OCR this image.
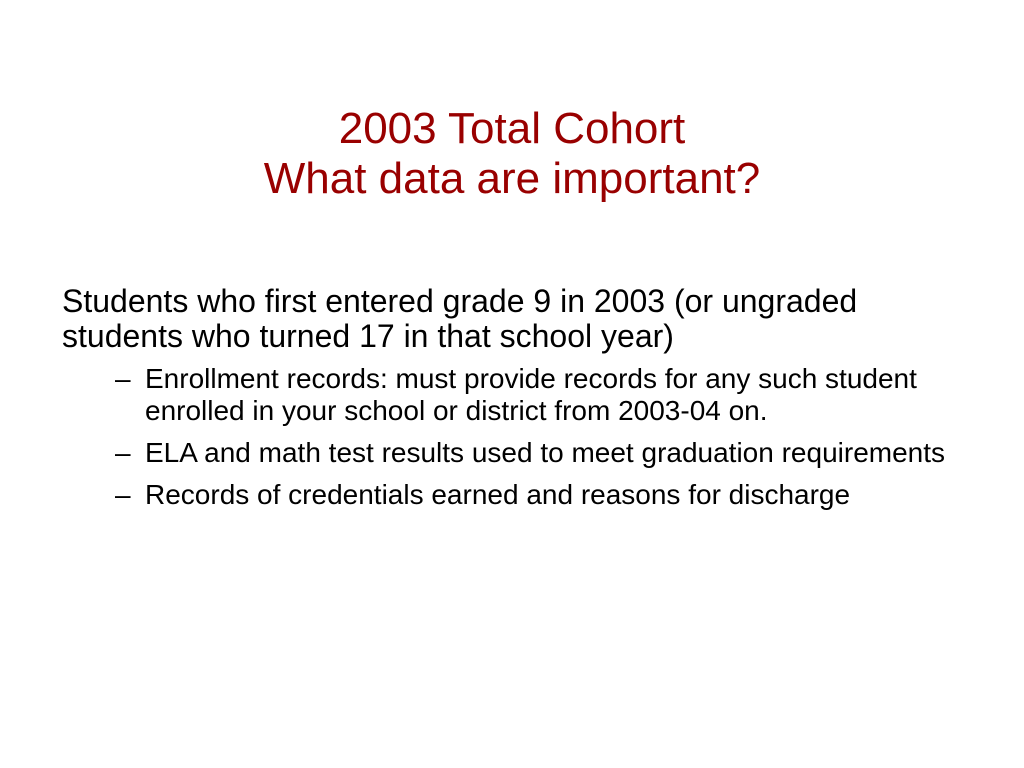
2003 Total Cohort
What data are important?

Students who first entered grade 9 in 2003 (or ungraded students who turned 17 in that school year)

– Enrollment records: must provide records for any such student enrolled in your school or district from 2003-04 on.
– ELA and math test results used to meet graduation requirements
– Records of credentials earned and reasons for discharge
